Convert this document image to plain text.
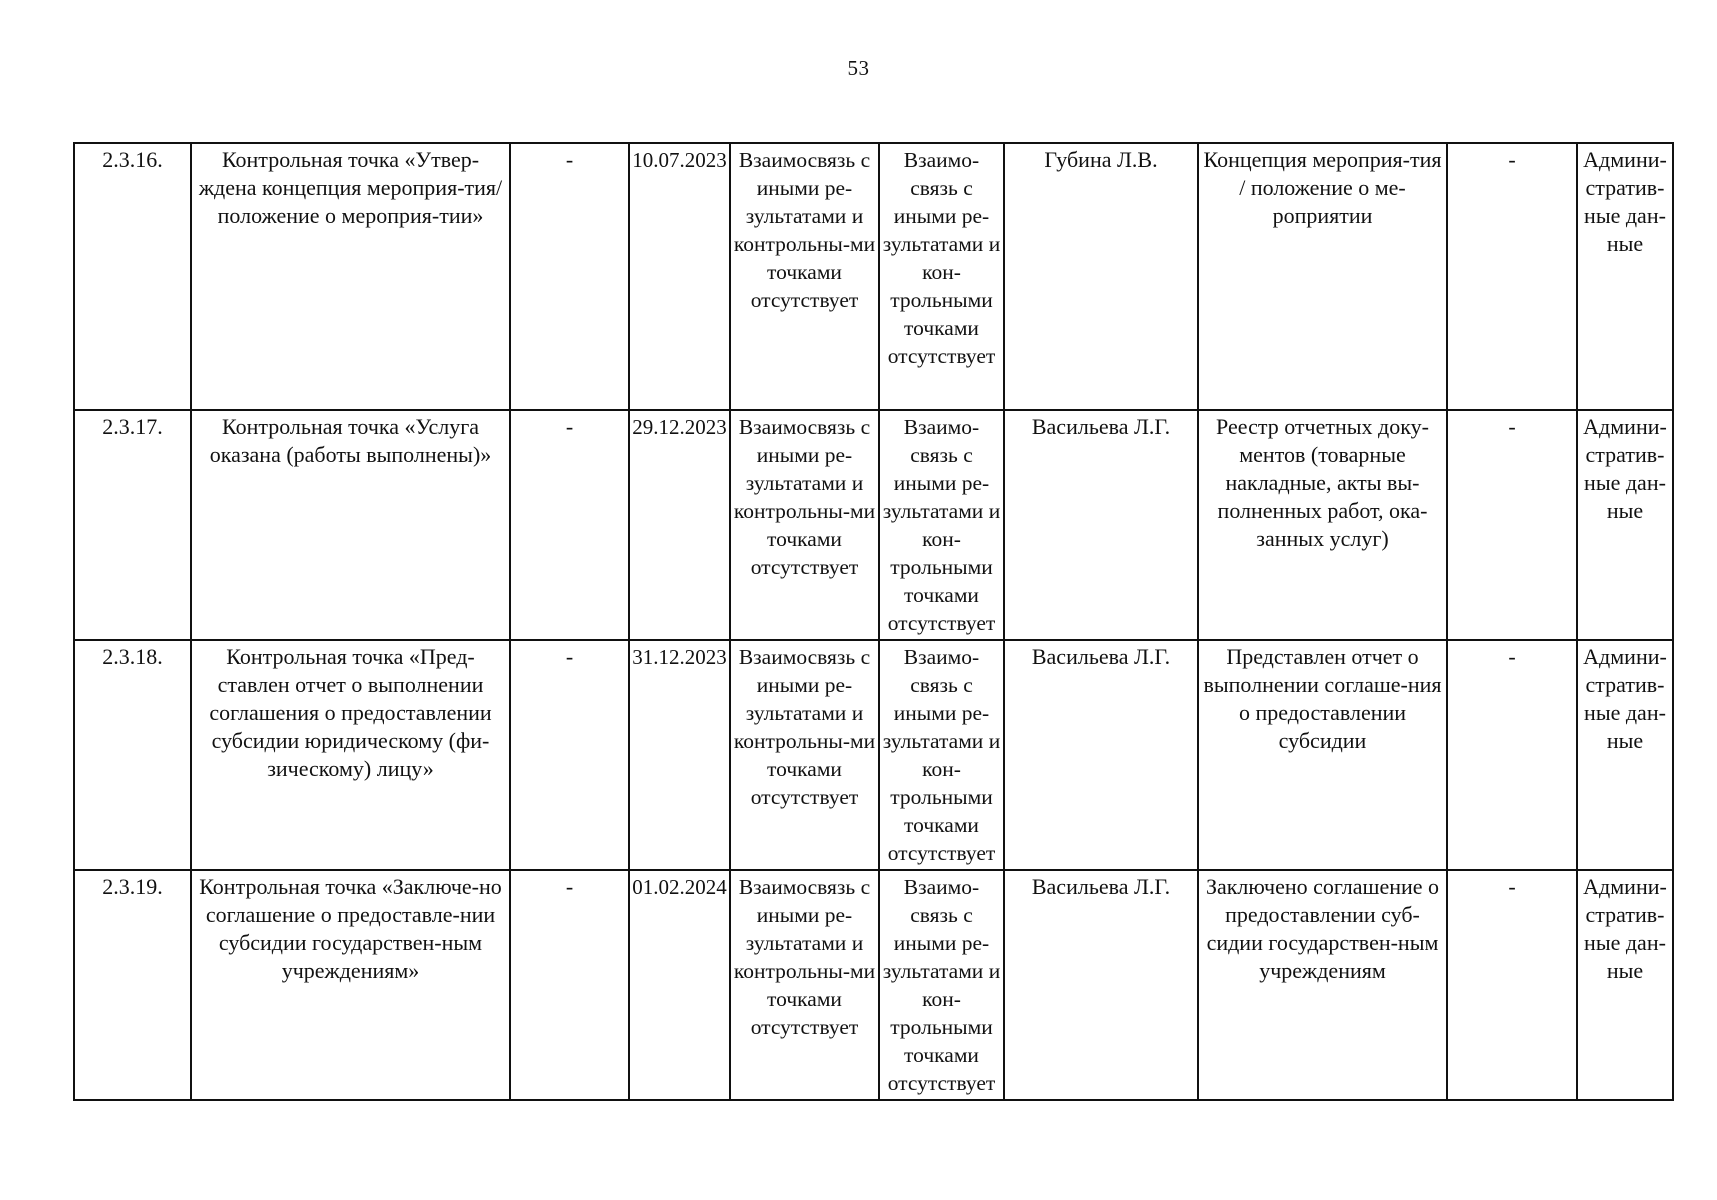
53
2.3.16.	Контрольная точка «Утвер-ждена концепция мероприя-тия/положение о мероприя-тии»	-	10.07.2023	Взаимосвязь с иными ре-зультатами и контрольны-ми точками отсутствует	Взаимо-связь с иными ре-зультатами и кон-трольными точками отсутствует	Губина Л.В.	Концепция мероприя-тия / положение о ме-роприятии	-	Админи-стратив-ные дан-ные
2.3.17.	Контрольная точка «Услуга оказана (работы выполнены)»	-	29.12.2023	Взаимосвязь с иными ре-зультатами и контрольны-ми точками отсутствует	Взаимо-связь с иными ре-зультатами и кон-трольными точками отсутствует	Васильева Л.Г.	Реестр отчетных доку-ментов (товарные накладные, акты вы-полненных работ, ока-занных услуг)	-	Админи-стратив-ные дан-ные
2.3.18.	Контрольная точка «Пред-ставлен отчет о выполнении соглашения о предоставлении субсидии юридическому (фи-зическому) лицу»	-	31.12.2023	Взаимосвязь с иными ре-зультатами и контрольны-ми точками отсутствует	Взаимо-связь с иными ре-зультатами и кон-трольными точками отсутствует	Васильева Л.Г.	Представлен отчет о выполнении соглаше-ния о предоставлении субсидии	-	Админи-стратив-ные дан-ные
2.3.19.	Контрольная точка «Заключе-но соглашение о предоставле-нии субсидии государствен-ным учреждениям»	-	01.02.2024	Взаимосвязь с иными ре-зультатами и контрольны-ми точками отсутствует	Взаимо-связь с иными ре-зультатами и кон-трольными точками отсутствует	Васильева Л.Г.	Заключено соглашение о предоставлении суб-сидии государствен-ным учреждениям	-	Админи-стратив-ные дан-ные
